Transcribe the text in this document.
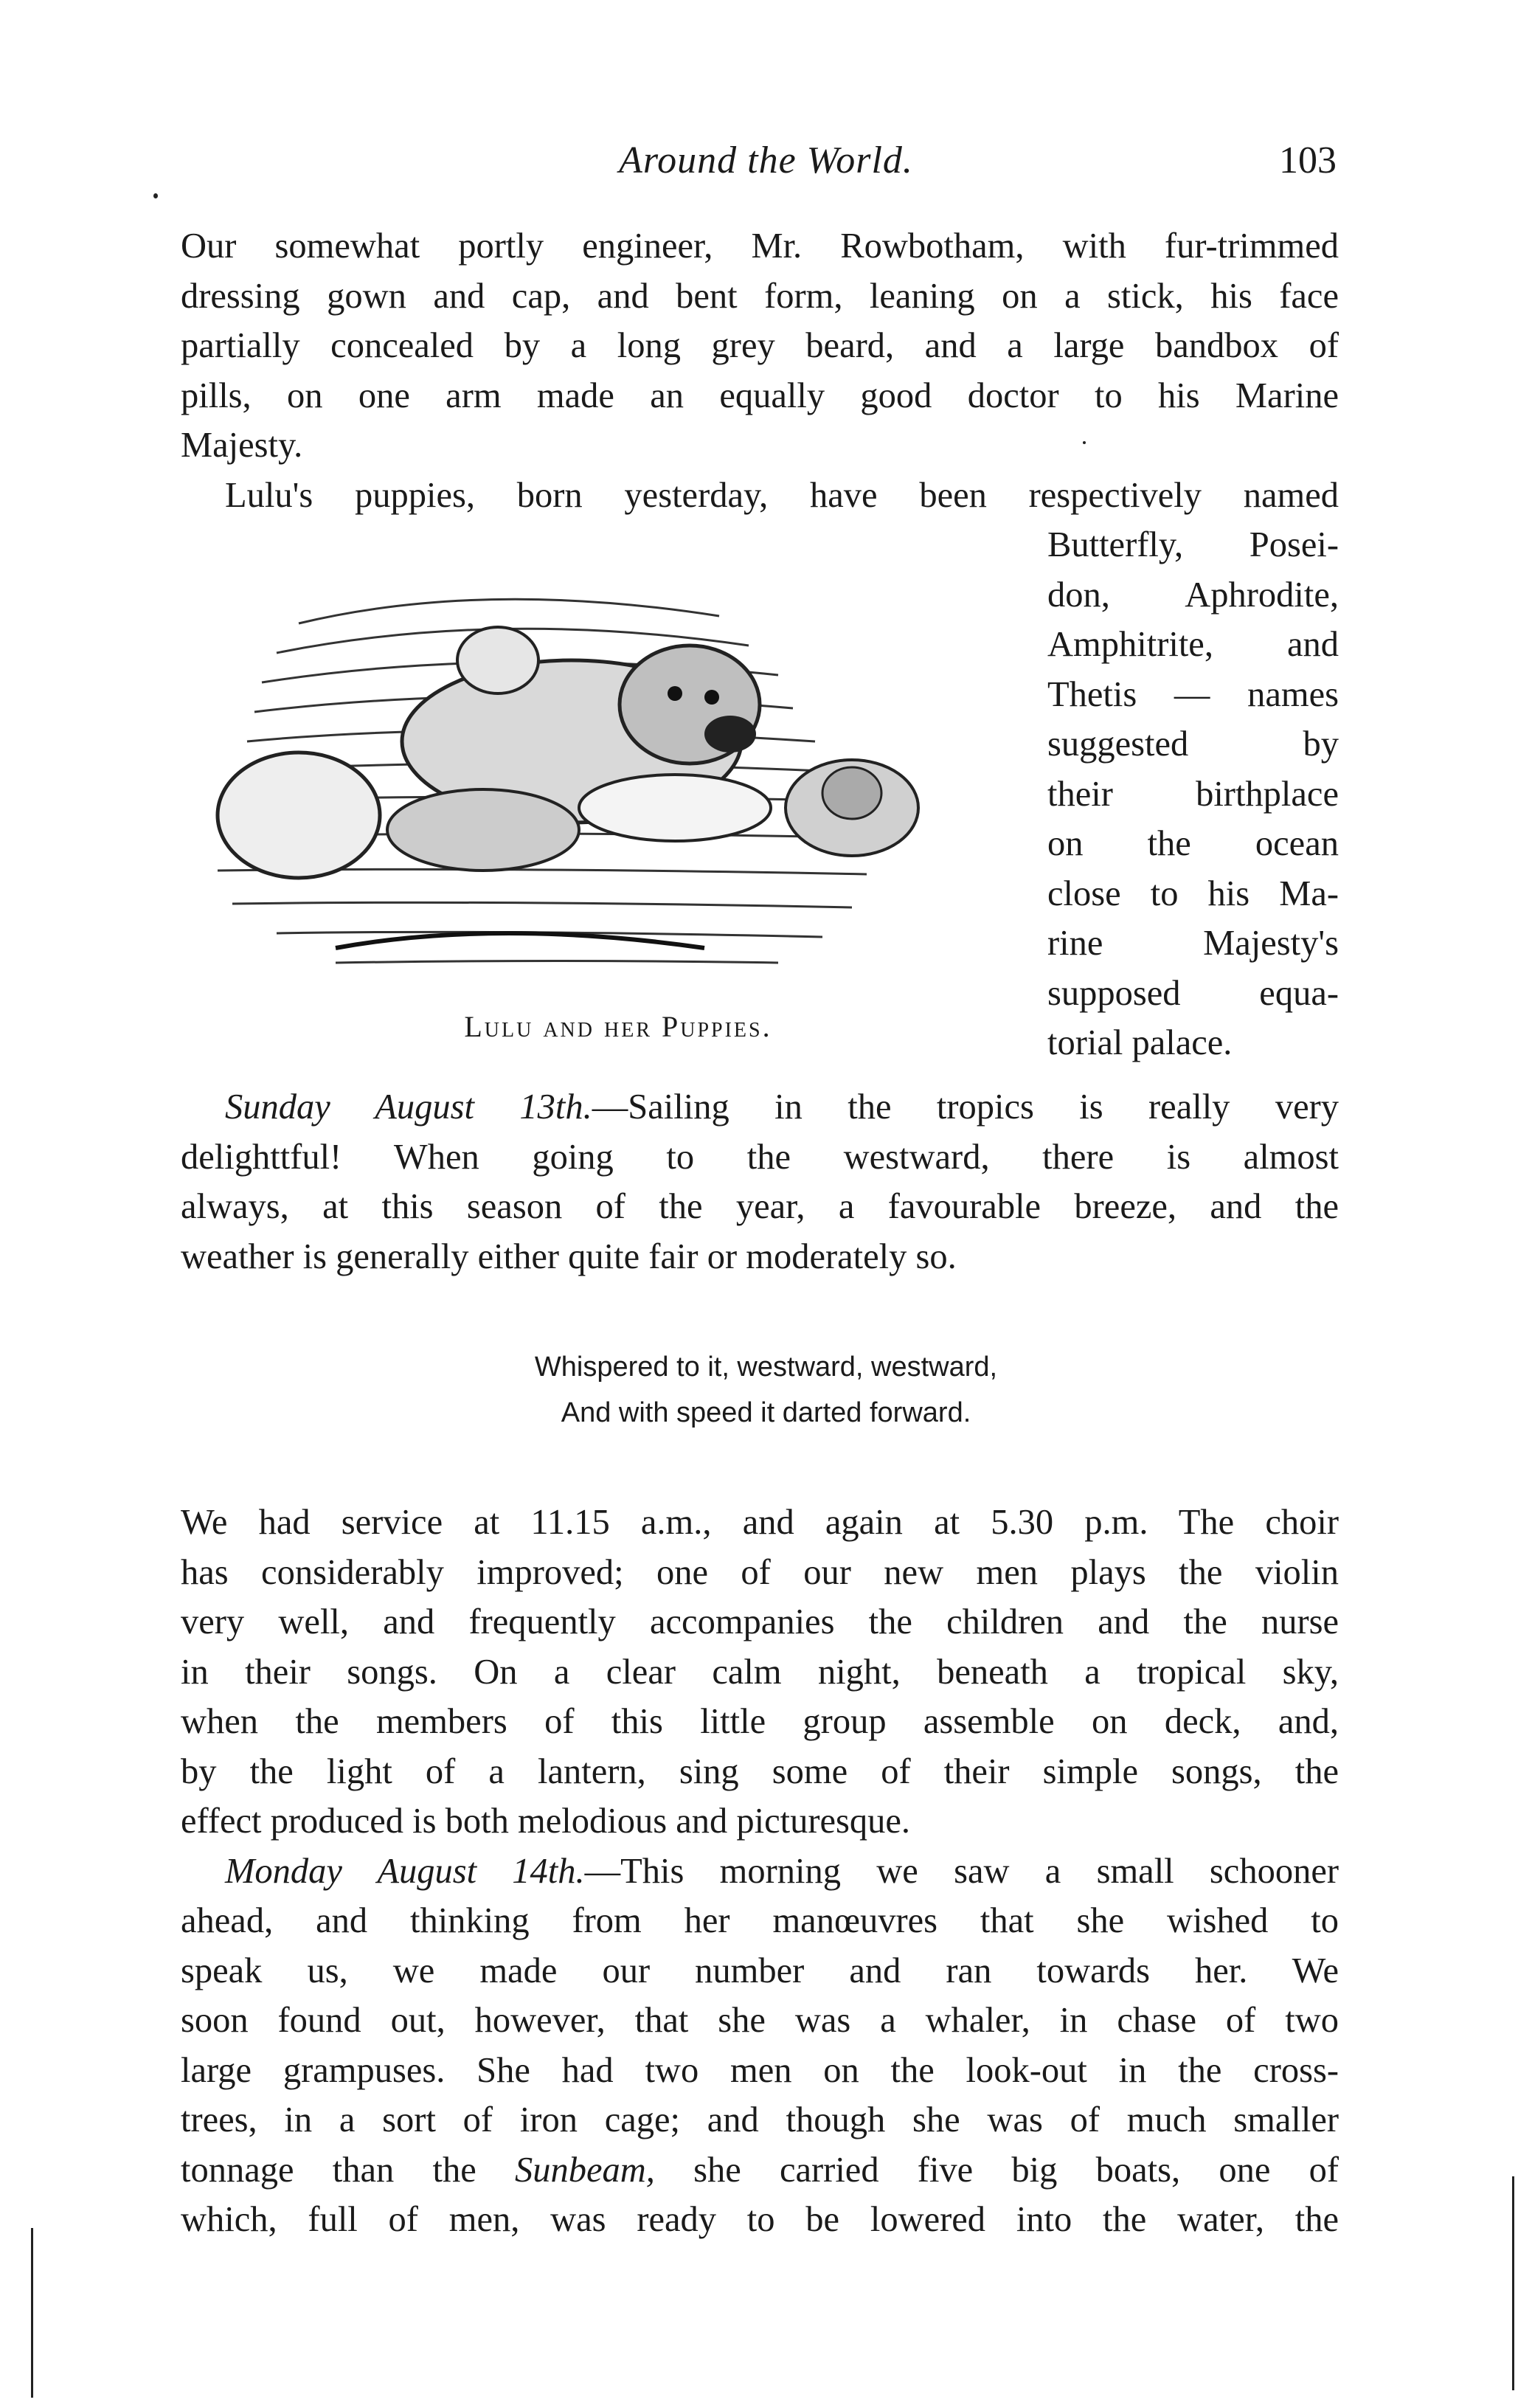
Around the World.	103
Our somewhat portly engineer, Mr. Rowbotham, with fur-trimmed
dressing gown and cap, and bent form, leaning on a stick, his face
partially concealed by a long grey beard, and a large bandbox of
pills, on one arm made an equally good doctor to his Marine
Majesty.
Lulu's puppies, born yesterday, have been respectively named
Butterfly, Posei-
don, Aphrodite,
Amphitrite, and
Thetis — names
suggested by
their birthplace
on the ocean
close to his Ma-
rine Majesty's
supposed equa-
torial palace.
Lulu and her Puppies.
Sunday August 13th.—Sailing in the tropics is really very
delighttful! When going to the westward, there is almost
always, at this season of the year, a favourable breeze, and the
weather is generally either quite fair or moderately so.
Whispered to it, westward, westward,
And with speed it darted forward.
We had service at 11.15 a.m., and again at 5.30 p.m. The choir
has considerably improved; one of our new men plays the violin
very well, and frequently accompanies the children and the nurse
in their songs. On a clear calm night, beneath a tropical sky,
when the members of this little group assemble on deck, and,
by the light of a lantern, sing some of their simple songs, the
effect produced is both melodious and picturesque.
Monday August 14th.—This morning we saw a small schooner
ahead, and thinking from her manœuvres that she wished to
speak us, we made our number and ran towards her. We
soon found out, however, that she was a whaler, in chase of two
large grampuses. She had two men on the look-out in the cross-
trees, in a sort of iron cage; and though she was of much smaller
tonnage than the Sunbeam, she carried five big boats, one of
which, full of men, was ready to be lowered into the water, the
